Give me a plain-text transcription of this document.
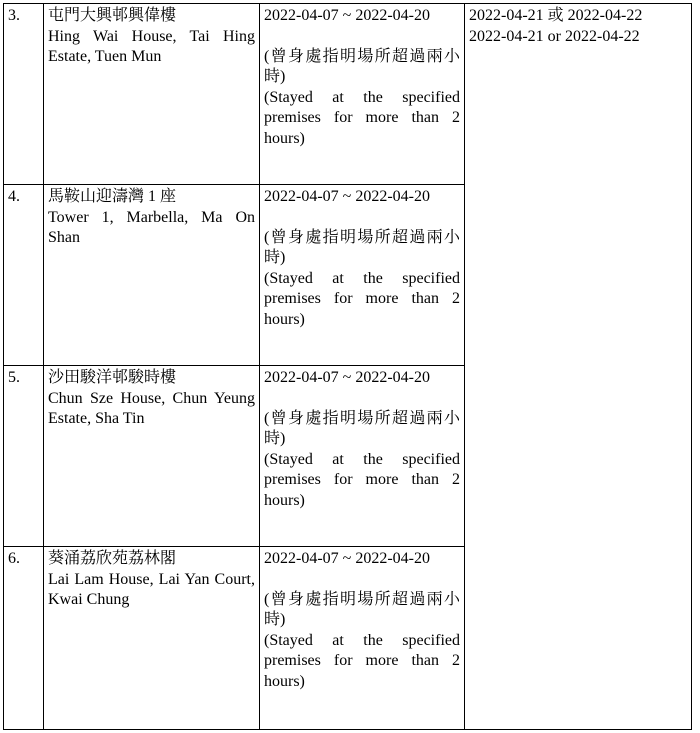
3.	屯門大興邨興偉樓
Hing Wai House, Tai Hing Estate, Tuen Mun	2022-04-07 ~ 2022-04-20
(曾身處指明場所超過兩小時)
(Stayed at the specified premises for more than 2 hours)	2022-04-21 或 2022-04-22
2022-04-21 or 2022-04-22

4.	馬鞍山迎濤灣 1 座
Tower 1, Marbella, Ma On Shan	2022-04-07 ~ 2022-04-20
(曾身處指明場所超過兩小時)
(Stayed at the specified premises for more than 2 hours)	

5.	沙田駿洋邨駿時樓
Chun Sze House, Chun Yeung Estate, Sha Tin	2022-04-07 ~ 2022-04-20
(曾身處指明場所超過兩小時)
(Stayed at the specified premises for more than 2 hours)	

6.	葵涌荔欣苑荔林閣
Lai Lam House, Lai Yan Court, Kwai Chung	2022-04-07 ~ 2022-04-20
(曾身處指明場所超過兩小時)
(Stayed at the specified premises for more than 2 hours)	
